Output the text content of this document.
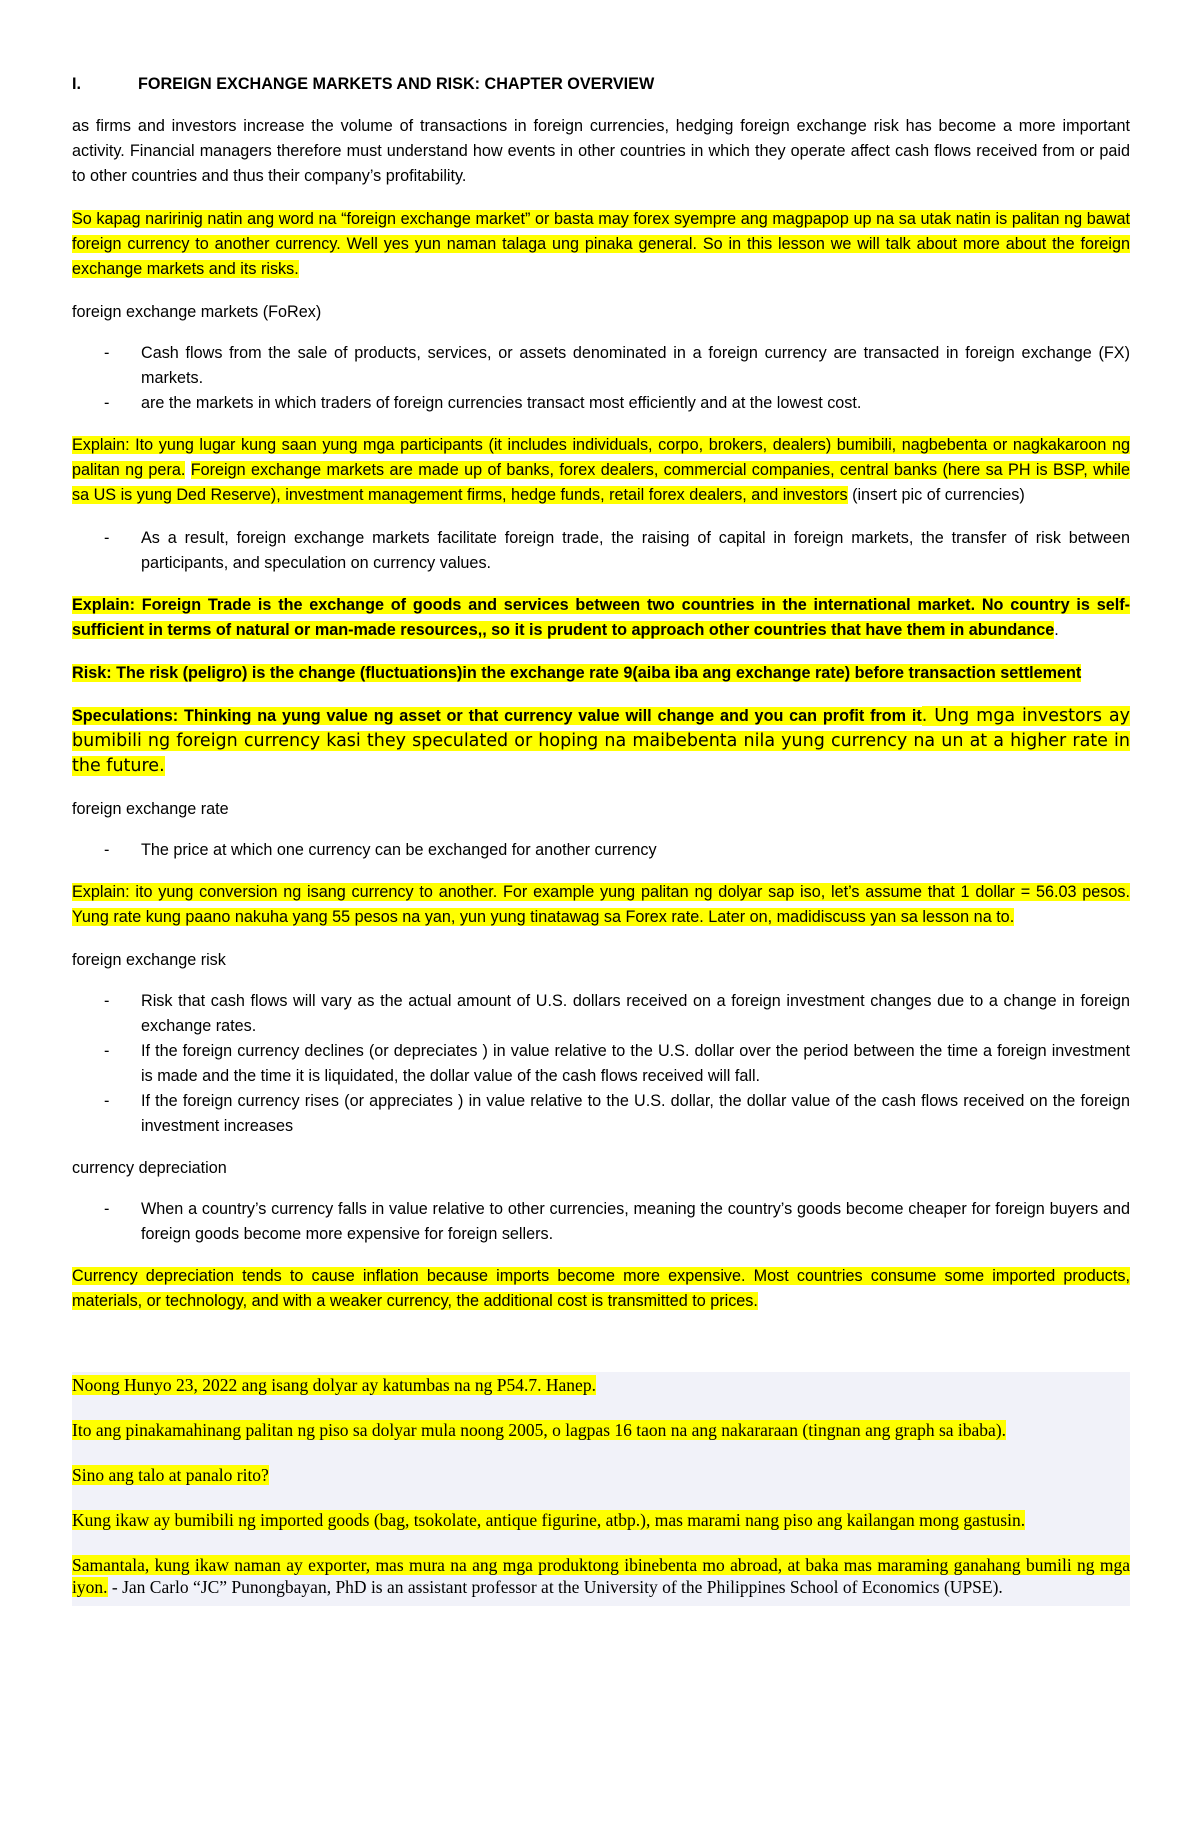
I.	FOREIGN EXCHANGE MARKETS AND RISK: CHAPTER OVERVIEW

as firms and investors increase the volume of transactions in foreign currencies, hedging foreign exchange risk has become a more important activity. Financial managers therefore must understand how events in other countries in which they operate affect cash flows received from or paid to other countries and thus their company’s profitability.

So kapag naririnig natin ang word na “foreign exchange market” or basta may forex syempre ang magpapop up na sa utak natin is palitan ng bawat foreign currency to another currency. Well yes yun naman talaga ung pinaka general. So in this lesson we will talk about more about the foreign exchange markets and its risks.

foreign exchange markets (FoRex)

- Cash flows from the sale of products, services, or assets denominated in a foreign currency are transacted in foreign exchange (FX) markets.
- are the markets in which traders of foreign currencies transact most efficiently and at the lowest cost.

Explain: Ito yung lugar kung saan yung mga participants (it includes individuals, corpo, brokers, dealers) bumibili, nagbebenta or nagkakaroon ng palitan ng pera. Foreign exchange markets are made up of banks, forex dealers, commercial companies, central banks (here sa PH is BSP, while sa US is yung Ded Reserve), investment management firms, hedge funds, retail forex dealers, and investors (insert pic of currencies)

- As a result, foreign exchange markets facilitate foreign trade, the raising of capital in foreign markets, the transfer of risk between participants, and speculation on currency values.

Explain: Foreign Trade is the exchange of goods and services between two countries in the international market. No country is self-sufficient in terms of natural or man-made resources,, so it is prudent to approach other countries that have them in abundance.

Risk: The risk (peligro) is the change (fluctuations)in the exchange rate 9(aiba iba ang exchange rate) before transaction settlement

Speculations: Thinking na yung value ng asset or that currency value will change and you can profit from it. Ung mga investors ay bumibili ng foreign currency kasi they speculated or hoping na maibebenta nila yung currency na un at a higher rate in the future.

foreign exchange rate

- The price at which one currency can be exchanged for another currency

Explain: ito yung conversion ng isang currency to another. For example yung palitan ng dolyar sap iso, let’s assume that 1 dollar = 56.03 pesos. Yung rate kung paano nakuha yang 55 pesos na yan, yun yung tinatawag sa Forex rate. Later on, madidiscuss yan sa lesson na to.

foreign exchange risk

- Risk that cash flows will vary as the actual amount of U.S. dollars received on a foreign investment changes due to a change in foreign exchange rates.
- If the foreign currency declines (or depreciates ) in value relative to the U.S. dollar over the period between the time a foreign investment is made and the time it is liquidated, the dollar value of the cash flows received will fall.
- If the foreign currency rises (or appreciates ) in value relative to the U.S. dollar, the dollar value of the cash flows received on the foreign investment increases

currency depreciation

- When a country’s currency falls in value relative to other currencies, meaning the country’s goods become cheaper for foreign buyers and foreign goods become more expensive for foreign sellers.

Currency depreciation tends to cause inflation because imports become more expensive. Most countries consume some imported products, materials, or technology, and with a weaker currency, the additional cost is transmitted to prices.

Noong Hunyo 23, 2022 ang isang dolyar ay katumbas na ng P54.7. Hanep.

Ito ang pinakamahinang palitan ng piso sa dolyar mula noong 2005, o lagpas 16 taon na ang nakararaan (tingnan ang graph sa ibaba).

Sino ang talo at panalo rito?

Kung ikaw ay bumibili ng imported goods (bag, tsokolate, antique figurine, atbp.), mas marami nang piso ang kailangan mong gastusin.

Samantala, kung ikaw naman ay exporter, mas mura na ang mga produktong ibinebenta mo abroad, at baka mas maraming ganahang bumili ng mga iyon. - Jan Carlo “JC” Punongbayan, PhD is an assistant professor at the University of the Philippines School of Economics (UPSE).
